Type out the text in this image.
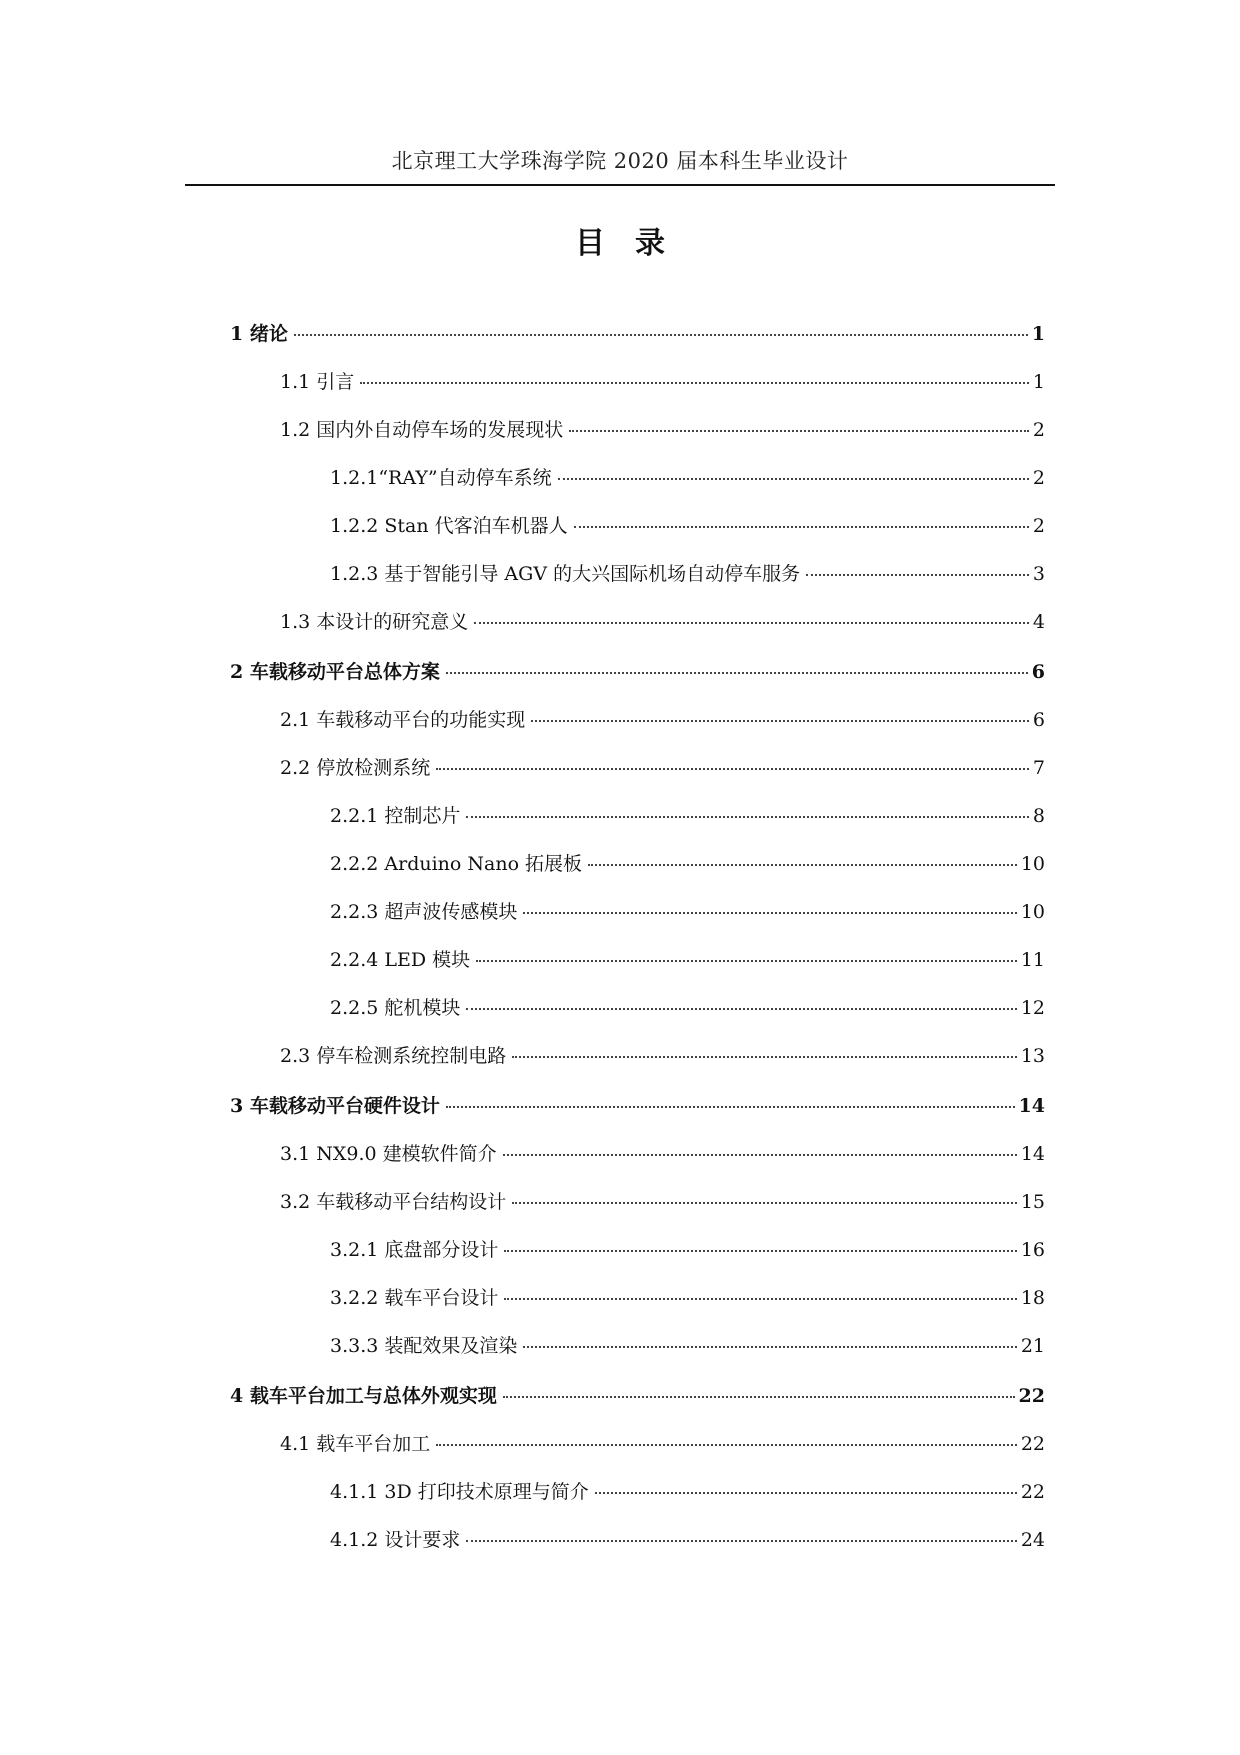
北京理工大学珠海学院 2020 届本科生毕业设计
目录
1 绪论	1
1.1 引言	1
1.2 国内外自动停车场的发展现状	2
1.2.1“RAY”自动停车系统	2
1.2.2 Stan 代客泊车机器人	2
1.2.3 基于智能引导 AGV 的大兴国际机场自动停车服务	3
1.3 本设计的研究意义	4
2 车载移动平台总体方案	6
2.1 车载移动平台的功能实现	6
2.2 停放检测系统	7
2.2.1 控制芯片	8
2.2.2 Arduino Nano 拓展板	10
2.2.3 超声波传感模块	10
2.2.4 LED 模块	11
2.2.5 舵机模块	12
2.3 停车检测系统控制电路	13
3 车载移动平台硬件设计	14
3.1 NX9.0 建模软件简介	14
3.2 车载移动平台结构设计	15
3.2.1 底盘部分设计	16
3.2.2 载车平台设计	18
3.3.3 装配效果及渲染	21
4 载车平台加工与总体外观实现	22
4.1 载车平台加工	22
4.1.1 3D 打印技术原理与简介	22
4.1.2 设计要求	24
